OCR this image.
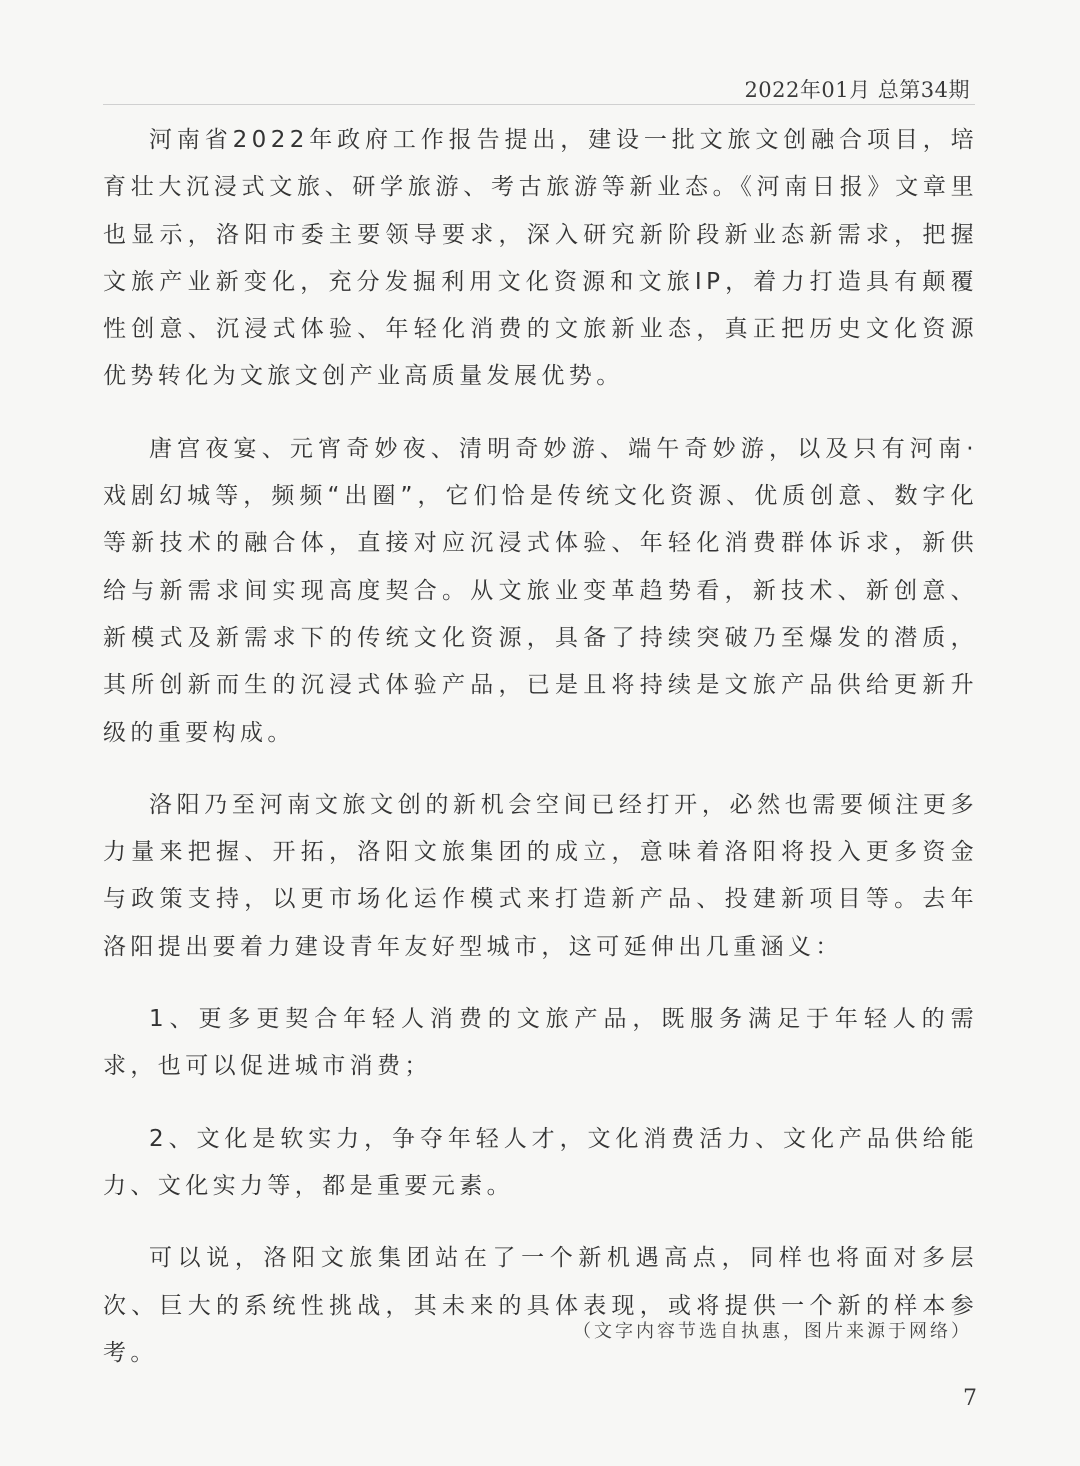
2022年01月 总第34期

河南省2022年政府工作报告提出，建设一批文旅文创融合项目，培育壮大沉浸式文旅、研学旅游、考古旅游等新业态。《河南日报》文章里也显示，洛阳市委主要领导要求，深入研究新阶段新业态新需求，把握文旅产业新变化，充分发掘利用文化资源和文旅IP，着力打造具有颠覆性创意、沉浸式体验、年轻化消费的文旅新业态，真正把历史文化资源优势转化为文旅文创产业高质量发展优势。

唐宫夜宴、元宵奇妙夜、清明奇妙游、端午奇妙游，以及只有河南·戏剧幻城等，频频“出圈”，它们恰是传统文化资源、优质创意、数字化等新技术的融合体，直接对应沉浸式体验、年轻化消费群体诉求，新供给与新需求间实现高度契合。从文旅业变革趋势看，新技术、新创意、新模式及新需求下的传统文化资源，具备了持续突破乃至爆发的潜质，其所创新而生的沉浸式体验产品，已是且将持续是文旅产品供给更新升级的重要构成。

洛阳乃至河南文旅文创的新机会空间已经打开，必然也需要倾注更多力量来把握、开拓，洛阳文旅集团的成立，意味着洛阳将投入更多资金与政策支持，以更市场化运作模式来打造新产品、投建新项目等。去年洛阳提出要着力建设青年友好型城市，这可延伸出几重涵义：

1、更多更契合年轻人消费的文旅产品，既服务满足于年轻人的需求，也可以促进城市消费；

2、文化是软实力，争夺年轻人才，文化消费活力、文化产品供给能力、文化实力等，都是重要元素。

可以说，洛阳文旅集团站在了一个新机遇高点，同样也将面对多层次、巨大的系统性挑战，其未来的具体表现，或将提供一个新的样本参考。

（文字内容节选自执惠，图片来源于网络）
7
